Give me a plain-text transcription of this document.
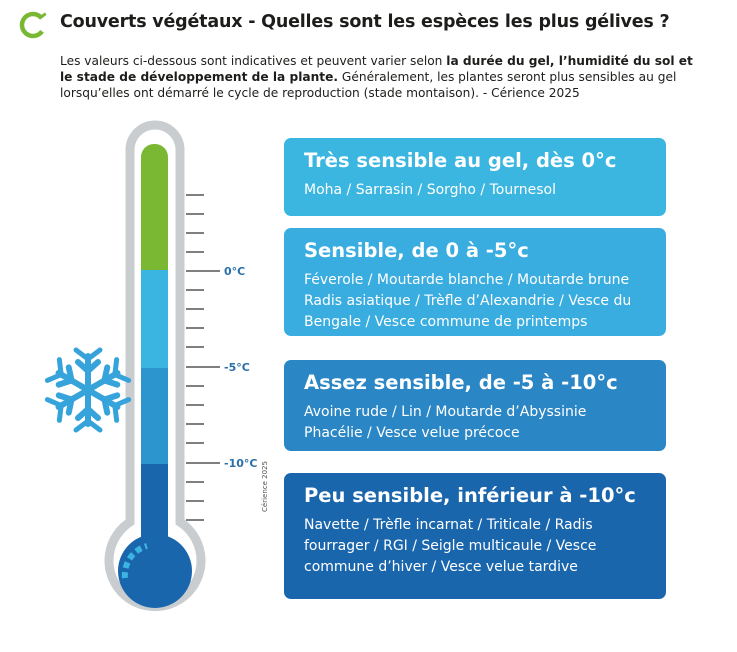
Couverts végétaux - Quelles sont les espèces les plus gélives ?
Les valeurs ci-dessous sont indicatives et peuvent varier selon la durée du gel, l’humidité du sol et le stade de développement de la plante. Généralement, les plantes seront plus sensibles au gel lorsqu’elles ont démarré le cycle de reproduction (stade montaison). - Cérience 2025
0°C
-5°C
-10°C Cérience 2025
Très sensible au gel, dès 0°c
Moha / Sarrasin / Sorgho / Tournesol
Sensible, de 0 à -5°c
Féverole / Moutarde blanche / Moutarde brune Radis asiatique / Trèfle d’Alexandrie / Vesce du Bengale / Vesce commune de printemps
Assez sensible, de -5 à -10°c
Avoine rude / Lin / Moutarde d’Abyssinie Phacélie / Vesce velue précoce
Peu sensible, inférieur à -10°c
Navette / Trèfle incarnat / Triticale / Radis fourrager / RGI / Seigle multicaule / Vesce commune d’hiver / Vesce velue tardive
